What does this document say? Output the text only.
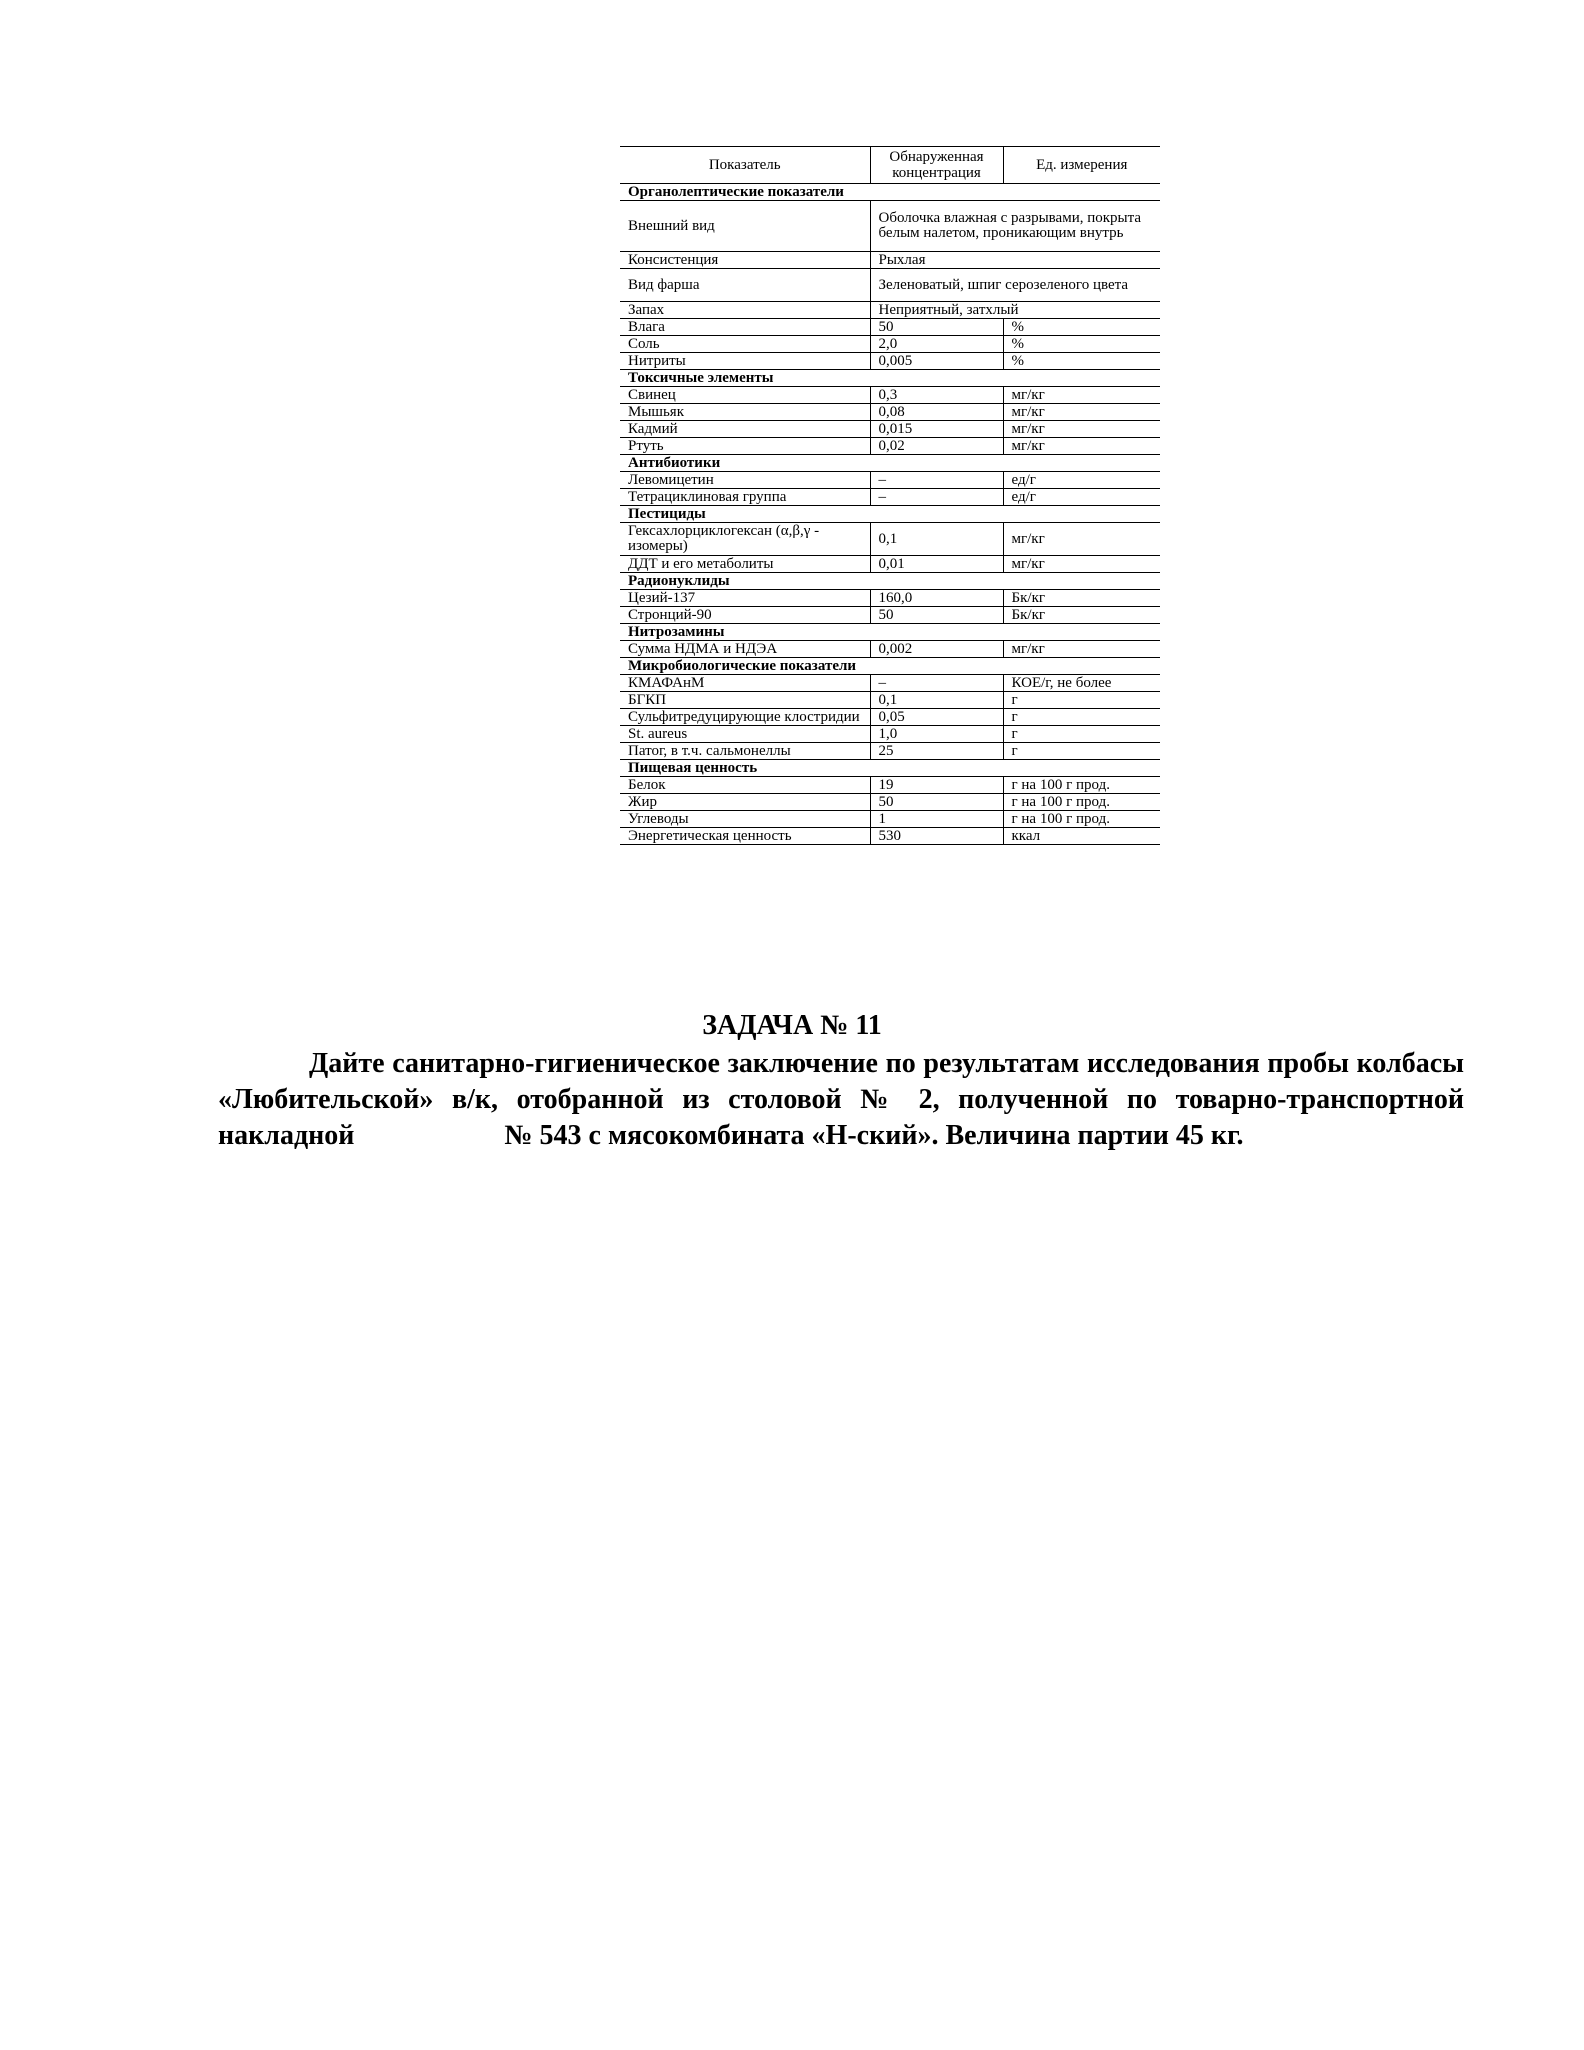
Показатель	Обнаруженная концентрация	Ед. измерения
Органолептические показатели		
Внешний вид	Оболочка влажная с разрывами, покрыта белым налетом, проникающим внутрь	
Консистенция	Рыхлая	
Вид фарша	Зеленоватый, шпиг серозеленого цвета	
Запах	Неприятный, затхлый	
Влага	50	%
Соль	2,0	%
Нитриты	0,005	%
Токсичные элементы		
Свинец	0,3	мг/кг
Мышьяк	0,08	мг/кг
Кадмий	0,015	мг/кг
Ртуть	0,02	мг/кг
Антибиотики		
Левомицетин	–	ед/г
Тетрациклиновая группа	–	ед/г
Пестициды		
Гексахлорциклогексан (α,β,γ - изомеры)	0,1	мг/кг
ДДТ и его метаболиты	0,01	мг/кг
Радионуклиды		
Цезий-137	160,0	Бк/кг
Стронций-90	50	Бк/кг
Нитрозамины		
Сумма НДМА и НДЭА	0,002	мг/кг
Микробиологические показатели		
КМАФАнМ	–	КОЕ/г, не более
БГКП	0,1	г
Сульфитредуцирующие клостридии	0,05	г
St. aureus	1,0	г
Патог, в т.ч. сальмонеллы	25	г
Пищевая ценность		
Белок	19	г на 100 г прод.
Жир	50	г на 100 г прод.
Углеводы	1	г на 100 г прод.
Энергетическая ценность	530	ккал
ЗАДАЧА № 11

Дайте санитарно-гигиеническое заключение по результатам исследования пробы колбасы «Любительской» в/к, отобранной из столовой № 2, полученной по товарно-транспортной накладной	№ 543 с мясокомбината «Н-ский». Величина партии 45 кг.
